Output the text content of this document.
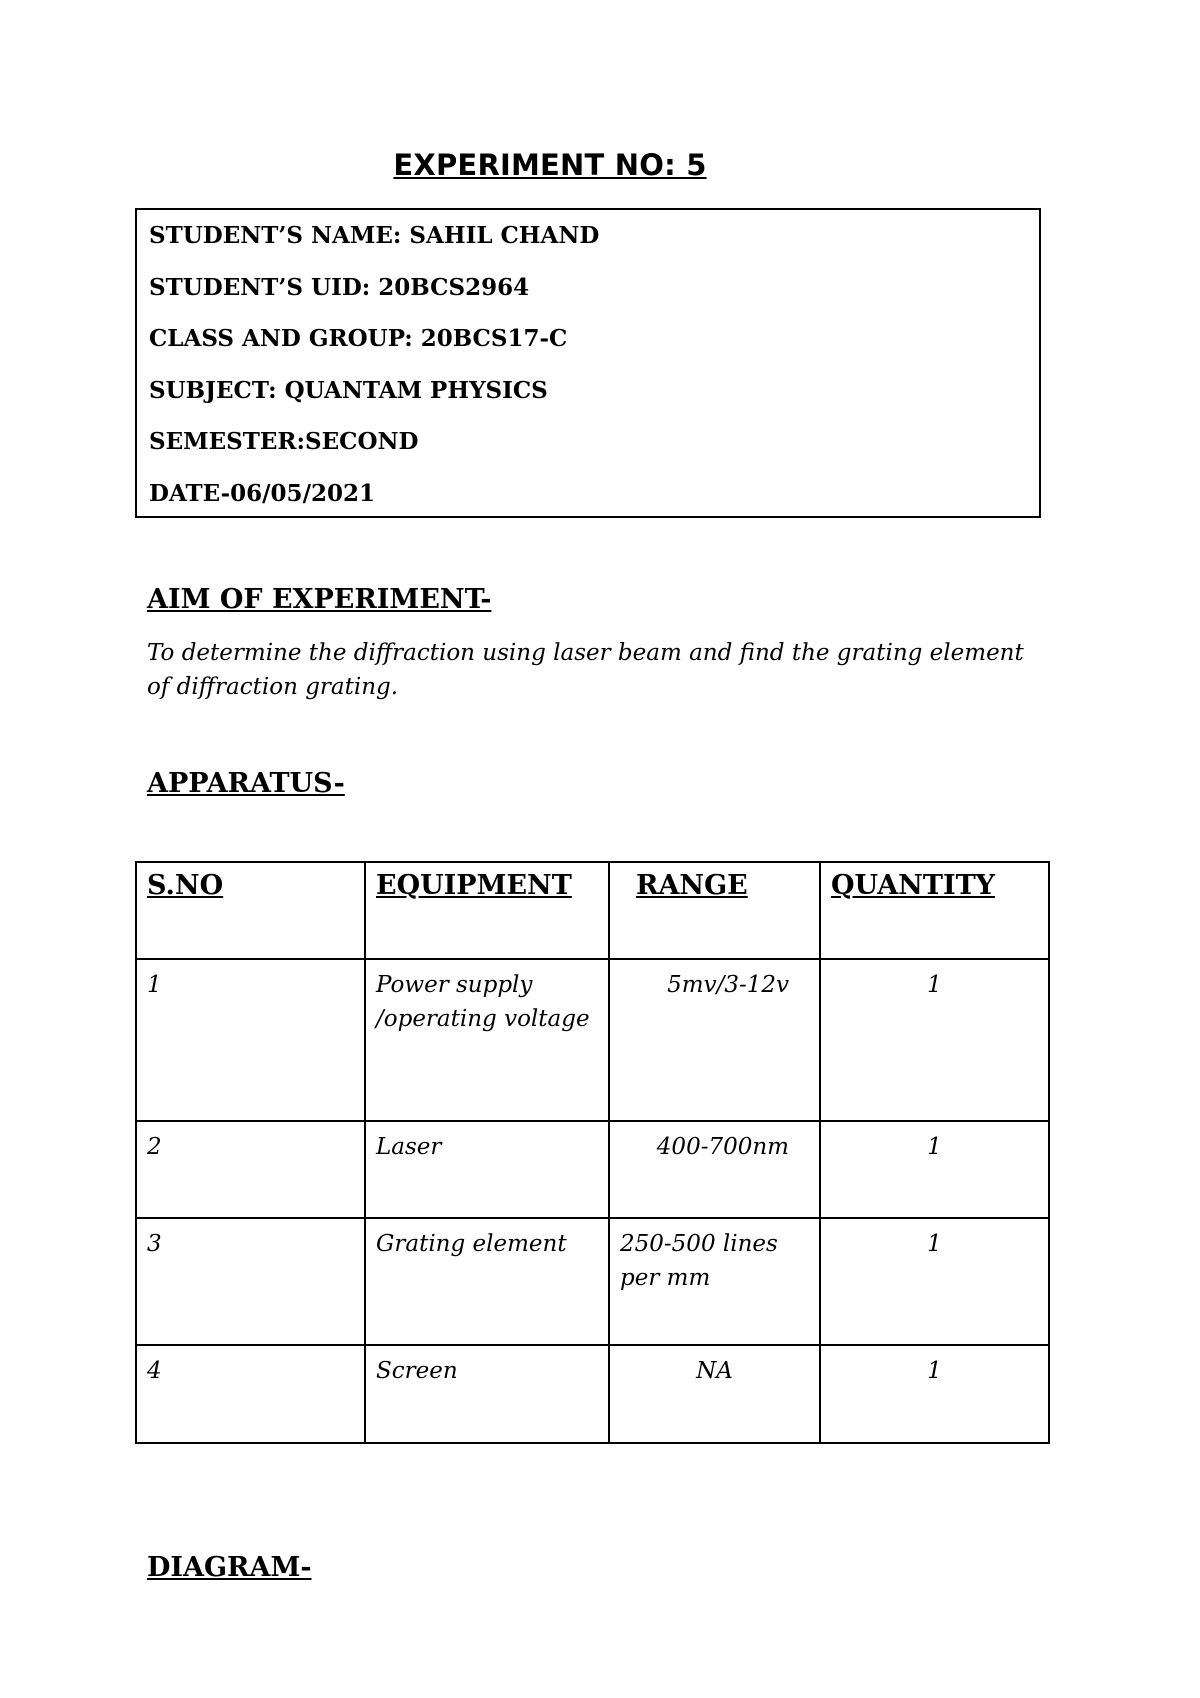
EXPERIMENT NO: 5
STUDENT’S NAME: SAHIL CHAND
STUDENT’S UID: 20BCS2964
CLASS AND GROUP: 20BCS17-C
SUBJECT: QUANTAM PHYSICS
SEMESTER:SECOND
DATE-06/05/2021
AIM OF EXPERIMENT-
To determine the diffraction using laser beam and find the grating element of diffraction grating.
APPARATUS-
S.NO	EQUIPMENT	RANGE	QUANTITY
1	Power supply /operating voltage	5mv/3-12v	1
2	Laser	400-700nm	1
3	Grating element	250-500 lines per mm	1
4	Screen	NA	1
DIAGRAM-
